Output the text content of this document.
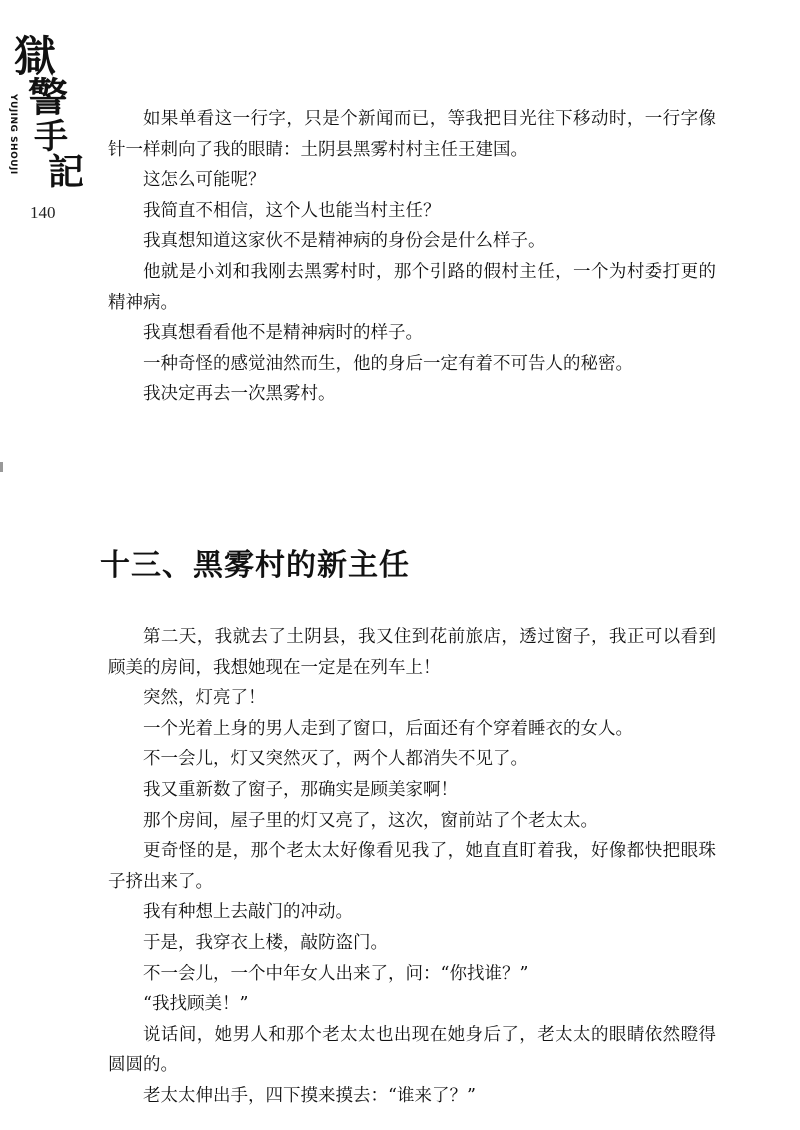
獄
警
手
記
YUJING SHOUJI
140

如果单看这一行字，只是个新闻而已，等我把目光往下移动时，一行字像针一样刺向了我的眼睛：土阴县黑雾村村主任王建国。

这怎么可能呢？

我简直不相信，这个人也能当村主任？

我真想知道这家伙不是精神病的身份会是什么样子。

他就是小刘和我刚去黑雾村时，那个引路的假村主任，一个为村委打更的精神病。

我真想看看他不是精神病时的样子。

一种奇怪的感觉油然而生，他的身后一定有着不可告人的秘密。

我决定再去一次黑雾村。

十三、黑雾村的新主任

第二天，我就去了土阴县，我又住到花前旅店，透过窗子，我正可以看到顾美的房间，我想她现在一定是在列车上！

突然，灯亮了！

一个光着上身的男人走到了窗口，后面还有个穿着睡衣的女人。

不一会儿，灯又突然灭了，两个人都消失不见了。

我又重新数了窗子，那确实是顾美家啊！

那个房间，屋子里的灯又亮了，这次，窗前站了个老太太。

更奇怪的是，那个老太太好像看见我了，她直直盯着我，好像都快把眼珠子挤出来了。

我有种想上去敲门的冲动。

于是，我穿衣上楼，敲防盗门。

不一会儿，一个中年女人出来了，问：“你找谁？”

“我找顾美！”

说话间，她男人和那个老太太也出现在她身后了，老太太的眼睛依然瞪得圆圆的。

老太太伸出手，四下摸来摸去：“谁来了？”
